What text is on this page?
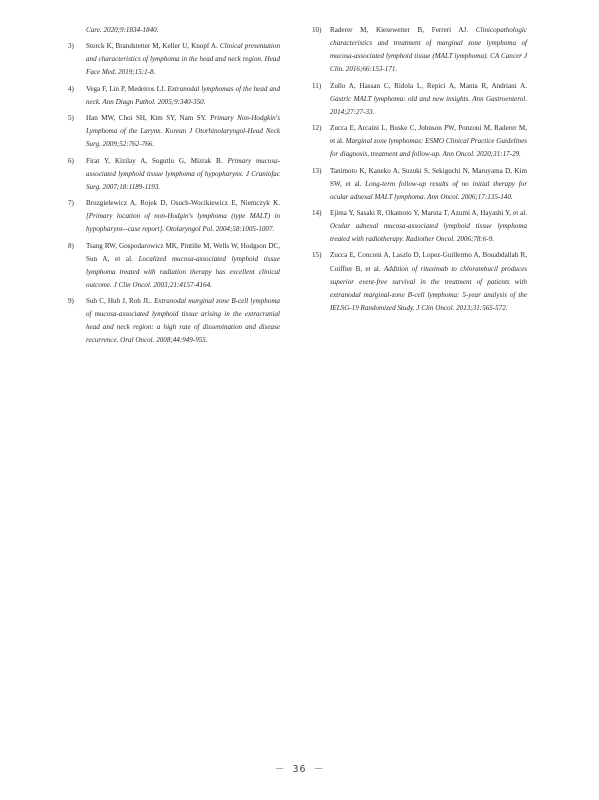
Care. 2020;9:1834-1840.
3)	Storck K, Brandstetter M, Keller U, Knopf A. Clinical presentation and characteristics of lymphoma in the head and neck region. Head Face Med. 2019;15:1-8.
4)	Vega F, Lin P, Medeiros LJ. Extranodal lymphomas of the head and neck. Ann Diagn Pathol. 2005;9:340-350.
5)	Han MW, Choi SH, Kim SY, Nam SY. Primary Non-Hodgkin's Lymphoma of the Larynx. Korean J Otorhinolaryngol-Head Neck Surg. 2009;52:762-766.
6)	Firat Y, Kizilay A, Sogutlu G, Mizrak B. Primary mucosa-associated lymphoid tissue lymphoma of hypopharynx. J Craniofac Surg. 2007;18:1189-1193.
7)	Bruzgielewicz A, Rojek D, Osuch-Wocikiewicz E, Niemczyk K. [Primary location of non-Hodgin's lymphoma (type MALT) in hypopharynx--case report]. Otolaryngol Pol. 2004;58:1005-1007.
8)	Tsang RW, Gospodarowicz MK, Pintilie M, Wells W, Hodgson DC, Sun A, et al. Localized mucosa-associated lymphoid tissue lymphoma treated with radiation therapy has excellent clinical outcome. J Clin Oncol. 2003;21:4157-4164.
9)	Suh C, Huh J, Roh JL. Extranodal marginal zone B-cell lymphoma of mucosa-associated lymphoid tissue arising in the extracranial head and neck region: a high rate of dissemination and disease recurrence. Oral Oncol. 2008;44:949-955.
10)	Raderer M, Kiesewetter B, Ferreri AJ. Clinicopathologic characteristics and treatment of marginal zone lymphoma of mucosa-associated lymphoid tissue (MALT lymphoma). CA Cancer J Clin. 2016;66:153-171.
11)	Zullo A, Hassan C, Ridola L, Repici A, Manta R, Andriani A. Gastric MALT lymphoma: old and new insights. Ann Gastroenterol. 2014;27:27-33.
12)	Zucca E, Arcaini L, Buske C, Johnson PW, Ponzoni M, Raderer M, et al. Marginal zone lymphomas: ESMO Clinical Practice Guidelines for diagnosis, treatment and follow-up. Ann Oncol. 2020;31:17-29.
13)	Tanimoto K, Kaneko A, Suzuki S, Sekiguchi N, Maruyama D, Kim SW, et al. Long-term follow-up results of no initial therapy for ocular adnexal MALT lymphoma. Ann Oncol. 2006;17:135-140.
14)	Ejima Y, Sasaki R, Okamoto Y, Maruta T, Azumi A, Hayashi Y, et al. Ocular adnexal mucosa-associated lymphoid tissue lymphoma treated with radiotherapy. Radiother Oncol. 2006;78:6-9.
15)	Zucca E, Conconi A, Laszlo D, Lopez-Guillermo A, Bouabdallah R, Coiffier B, et al. Addition of rituximab to chlorambucil produces superior event-free survival in the treatment of patients with extranodal marginal-zone B-cell lymphoma: 5-year analysis of the IELSG-19 Randomized Study. J Clin Oncol. 2013;31:565-572.
－ 36 －
